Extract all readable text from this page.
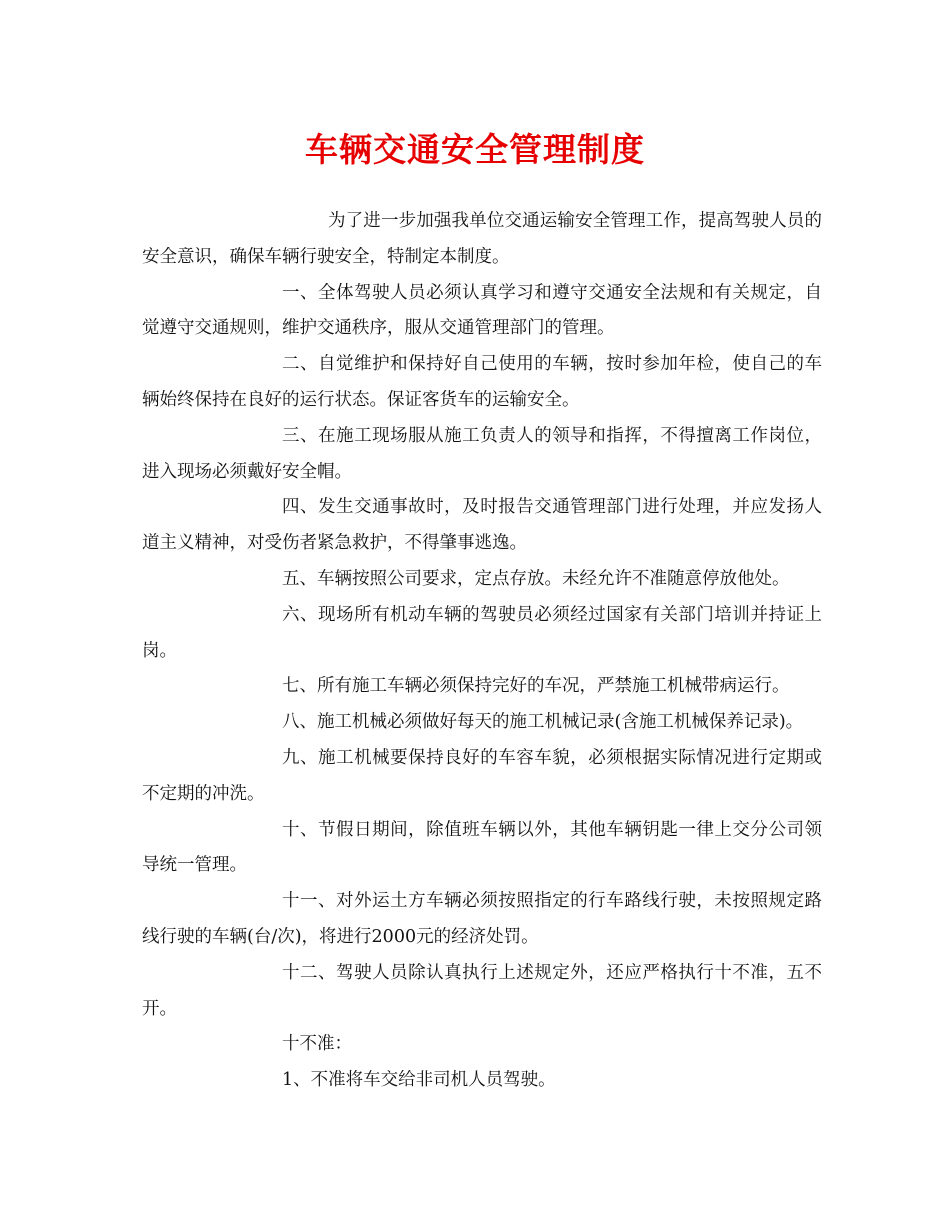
车辆交通安全管理制度

为了进一步加强我单位交通运输安全管理工作，提高驾驶人员的安全意识，确保车辆行驶安全，特制定本制度。

一、全体驾驶人员必须认真学习和遵守交通安全法规和有关规定，自觉遵守交通规则，维护交通秩序，服从交通管理部门的管理。

二、自觉维护和保持好自己使用的车辆，按时参加年检，使自己的车辆始终保持在良好的运行状态。保证客货车的运输安全。

三、在施工现场服从施工负责人的领导和指挥，不得擅离工作岗位，进入现场必须戴好安全帽。

四、发生交通事故时，及时报告交通管理部门进行处理，并应发扬人道主义精神，对受伤者紧急救护，不得肇事逃逸。

五、车辆按照公司要求，定点存放。未经允许不准随意停放他处。

六、现场所有机动车辆的驾驶员必须经过国家有关部门培训并持证上岗。

七、所有施工车辆必须保持完好的车况，严禁施工机械带病运行。

八、施工机械必须做好每天的施工机械记录(含施工机械保养记录)。

九、施工机械要保持良好的车容车貌，必须根据实际情况进行定期或不定期的冲洗。

十、节假日期间，除值班车辆以外，其他车辆钥匙一律上交分公司领导统一管理。

十一、对外运土方车辆必须按照指定的行车路线行驶，未按照规定路线行驶的车辆(台/次)，将进行2000元的经济处罚。

十二、驾驶人员除认真执行上述规定外，还应严格执行十不准，五不开。

十不准：

1、不准将车交给非司机人员驾驶。
